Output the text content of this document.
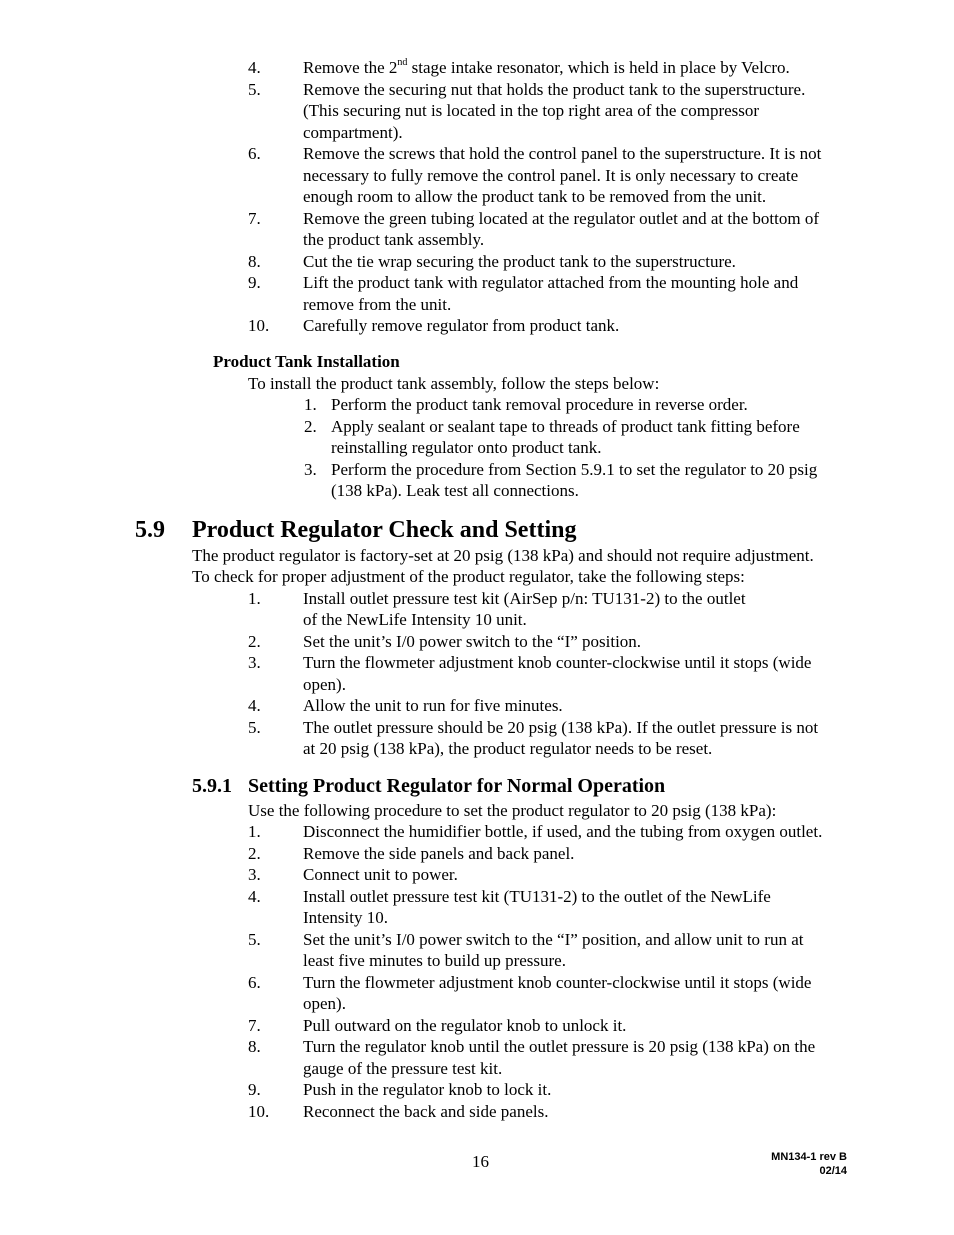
4. Remove the 2nd stage intake resonator, which is held in place by Velcro.
5. Remove the securing nut that holds the product tank to the superstructure.
(This securing nut is located in the top right area of the compressor
compartment).
6. Remove the screws that hold the control panel to the superstructure. It is not
necessary to fully remove the control panel. It is only necessary to create
enough room to allow the product tank to be removed from the unit.
7. Remove the green tubing located at the regulator outlet and at the bottom of
the product tank assembly.
8. Cut the tie wrap securing the product tank to the superstructure.
9. Lift the product tank with regulator attached from the mounting hole and
remove from the unit.
10. Carefully remove regulator from product tank.
Product Tank Installation
To install the product tank assembly, follow the steps below:
1. Perform the product tank removal procedure in reverse order.
2. Apply sealant or sealant tape to threads of product tank fitting before
reinstalling regulator onto product tank.
3. Perform the procedure from Section 5.9.1 to set the regulator to 20 psig
(138 kPa). Leak test all connections.
5.9 Product Regulator Check and Setting
The product regulator is factory-set at 20 psig (138 kPa) and should not require adjustment.
To check for proper adjustment of the product regulator, take the following steps:
1. Install outlet pressure test kit (AirSep p/n: TU131-2) to the outlet
of the NewLife Intensity 10 unit.
2. Set the unit’s I/0 power switch to the “I” position.
3. Turn the flowmeter adjustment knob counter-clockwise until it stops (wide
open).
4. Allow the unit to run for five minutes.
5. The outlet pressure should be 20 psig (138 kPa). If the outlet pressure is not
at 20 psig (138 kPa), the product regulator needs to be reset.
5.9.1 Setting Product Regulator for Normal Operation
Use the following procedure to set the product regulator to 20 psig (138 kPa):
1. Disconnect the humidifier bottle, if used, and the tubing from oxygen outlet.
2. Remove the side panels and back panel.
3. Connect unit to power.
4. Install outlet pressure test kit (TU131-2) to the outlet of the NewLife
Intensity 10.
5. Set the unit’s I/0 power switch to the “I” position, and allow unit to run at
least five minutes to build up pressure.
6. Turn the flowmeter adjustment knob counter-clockwise until it stops (wide
open).
7. Pull outward on the regulator knob to unlock it.
8. Turn the regulator knob until the outlet pressure is 20 psig (138 kPa) on the
gauge of the pressure test kit.
9. Push in the regulator knob to lock it.
10. Reconnect the back and side panels.
16	MN134-1 rev B
02/14
